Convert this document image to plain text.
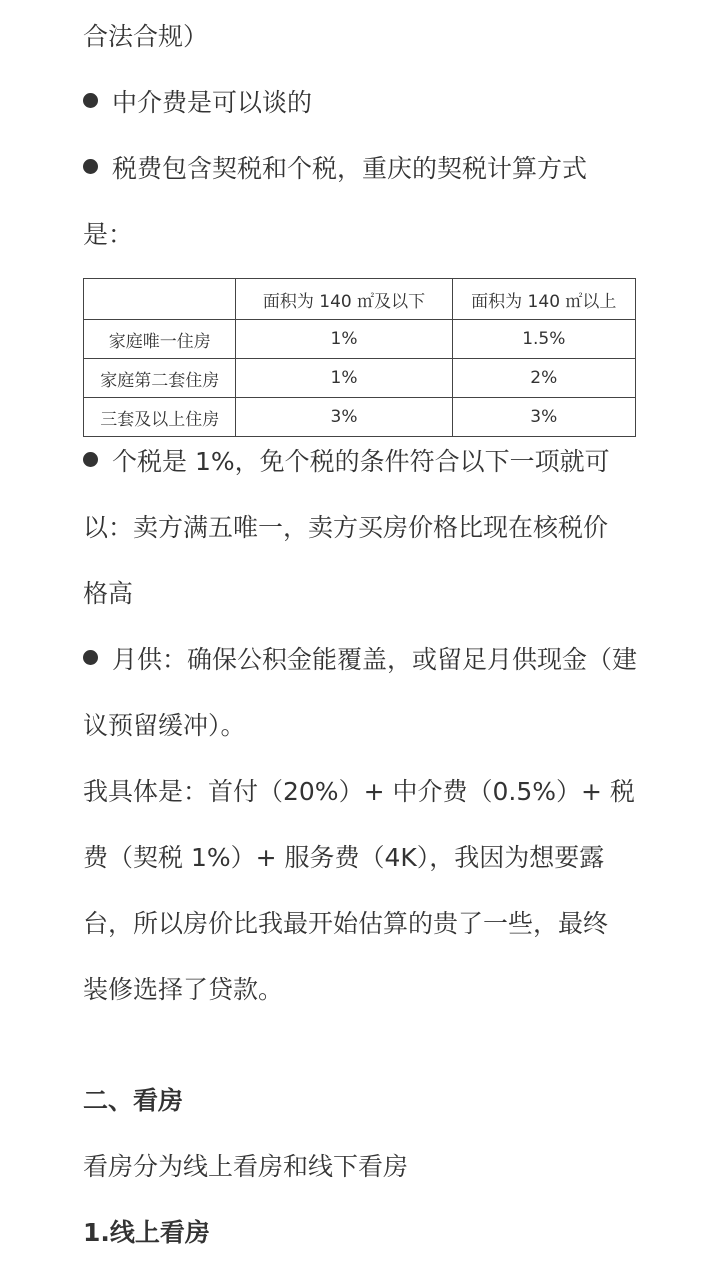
合法合规）

中介费是可以谈的

税费包含契税和个税，重庆的契税计算方式

是：

	面积为 140 ㎡及以下	面积为 140 ㎡以上
家庭唯一住房	1%	1.5%
家庭第二套住房	1%	2%
三套及以上住房	3%	3%

个税是 1%，免个税的条件符合以下一项就可

以：卖方满五唯一，卖方买房价格比现在核税价

格高

月供：确保公积金能覆盖，或留足月供现金（建

议预留缓冲）。

我具体是：首付（20%）+ 中介费（0.5%）+ 税

费（契税 1%）+ 服务费（4K），我因为想要露

台，所以房价比我最开始估算的贵了一些，最终

装修选择了贷款。

二、看房

看房分为线上看房和线下看房

1.线上看房
